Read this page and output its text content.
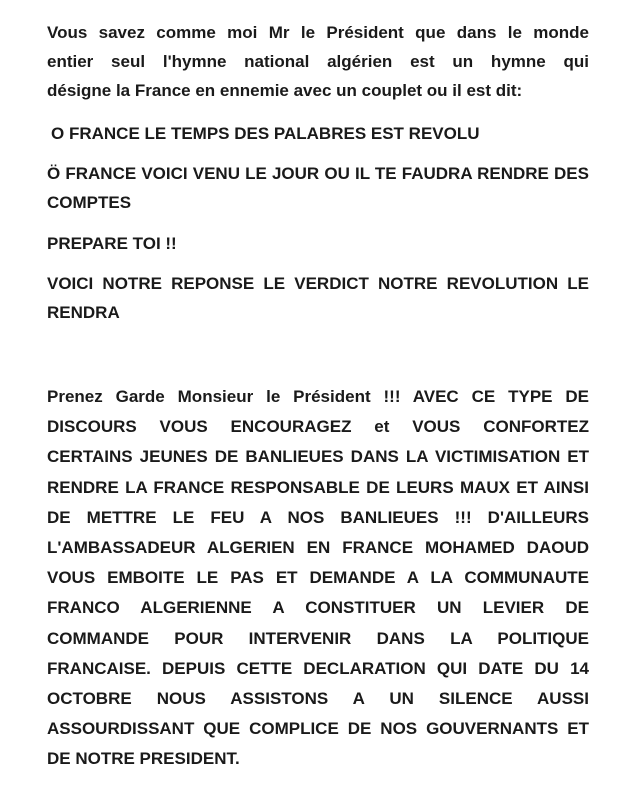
Vous savez comme moi Mr le Président que dans le monde
entier seul l'hymne national algérien est un hymne qui
désigne la France en ennemie avec un couplet ou il est dit:
O FRANCE LE TEMPS DES PALABRES EST REVOLU
Ö FRANCE VOICI VENU LE JOUR OU IL TE FAUDRA RENDRE DES
COMPTES
PREPARE TOI !!
VOICI NOTRE REPONSE LE VERDICT NOTRE REVOLUTION LE
RENDRA
Prenez Garde Monsieur le Président !!! AVEC CE TYPE DE
DISCOURS VOUS ENCOURAGEZ et VOUS CONFORTEZ
CERTAINS JEUNES DE BANLIEUES DANS LA VICTIMISATION ET
RENDRE LA FRANCE RESPONSABLE DE LEURS MAUX ET AINSI
DE METTRE LE FEU A NOS BANLIEUES !!! D'AILLEURS
L'AMBASSADEUR ALGERIEN EN FRANCE MOHAMED DAOUD
VOUS EMBOITE LE PAS ET DEMANDE A LA COMMUNAUTE
FRANCO ALGERIENNE A CONSTITUER UN LEVIER DE
COMMANDE POUR INTERVENIR DANS LA POLITIQUE
FRANCAISE. DEPUIS CETTE DECLARATION QUI DATE DU 14
OCTOBRE NOUS ASSISTONS A UN SILENCE AUSSI
ASSOURDISSANT QUE COMPLICE DE NOS GOUVERNANTS ET
DE NOTRE PRESIDENT.
